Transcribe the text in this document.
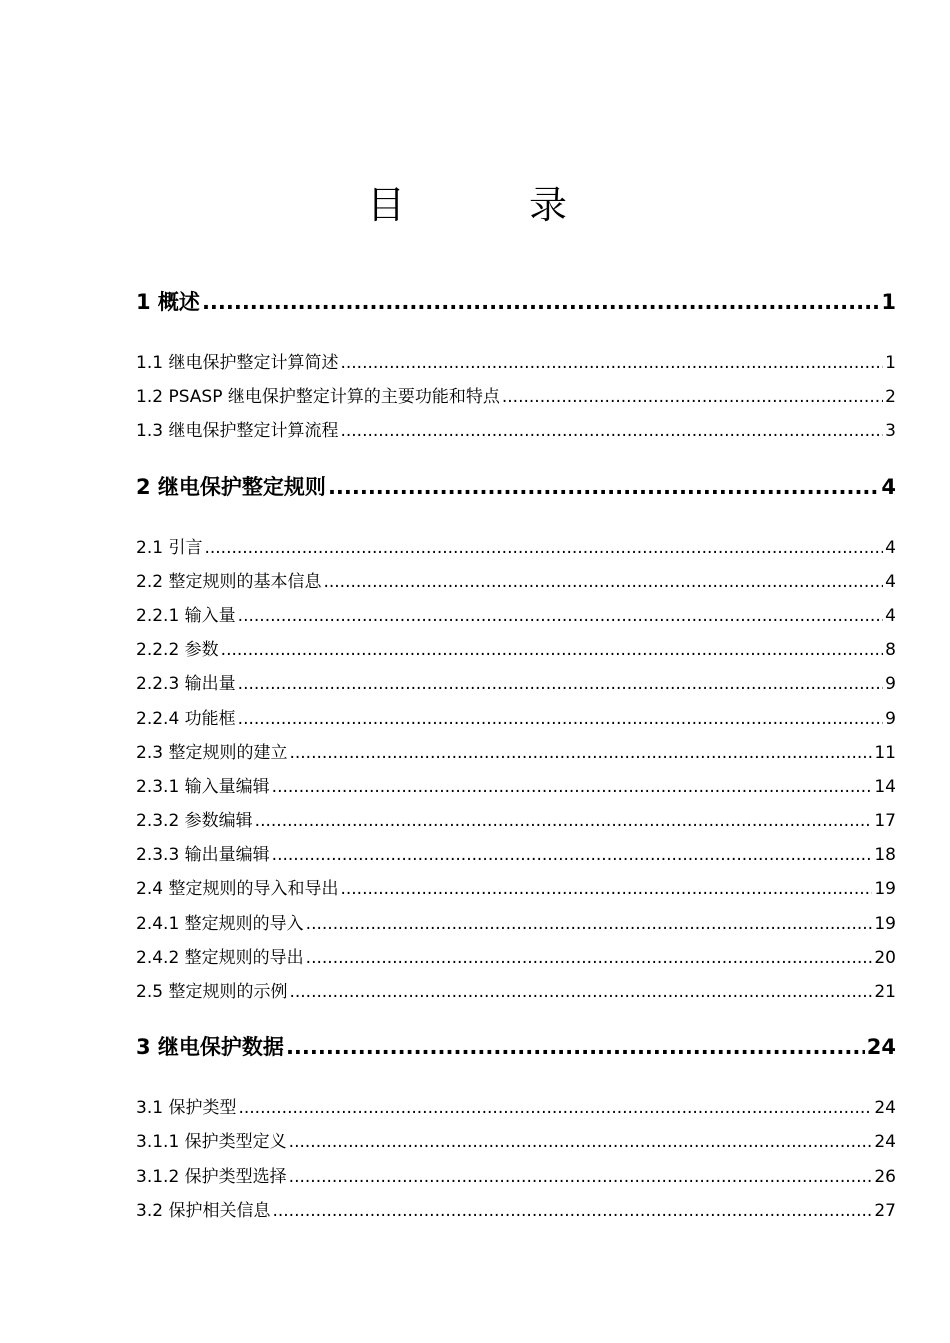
目 录
1 概述 .....	1
1.1 继电保护整定计算简述 .....	1
1.2 PSASP 继电保护整定计算的主要功能和特点 .....	2
1.3 继电保护整定计算流程 .....	3
2 继电保护整定规则 .....	4
2.1 引言 .....	4
2.2 整定规则的基本信息 .....	4
2.2.1 输入量 .....	4
2.2.2 参数 .....	8
2.2.3 输出量 .....	9
2.2.4 功能框 .....	9
2.3 整定规则的建立 .....	11
2.3.1 输入量编辑 .....	14
2.3.2 参数编辑 .....	17
2.3.3 输出量编辑 .....	18
2.4 整定规则的导入和导出 .....	19
2.4.1 整定规则的导入 .....	19
2.4.2 整定规则的导出 .....	20
2.5 整定规则的示例 .....	21
3 继电保护数据 .....	24
3.1 保护类型 .....	24
3.1.1 保护类型定义 .....	24
3.1.2 保护类型选择 .....	26
3.2 保护相关信息 .....	27
